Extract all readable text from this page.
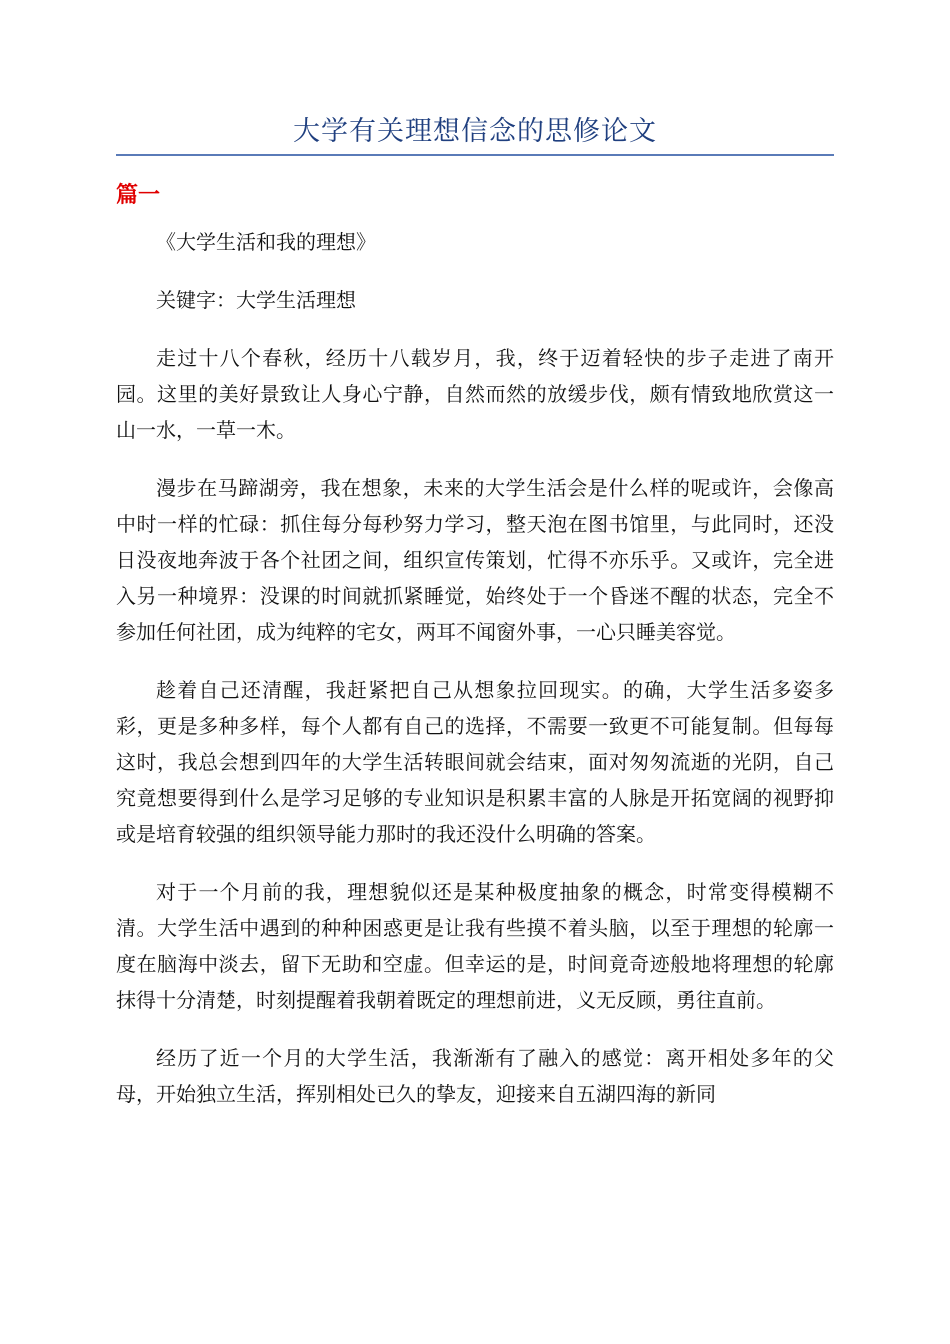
大学有关理想信念的思修论文
篇一

《大学生活和我的理想》

关键字：大学生活理想

走过十八个春秋，经历十八载岁月，我，终于迈着轻快的步子走进了南开园。这里的美好景致让人身心宁静，自然而然的放缓步伐，颇有情致地欣赏这一山一水，一草一木。

漫步在马蹄湖旁，我在想象，未来的大学生活会是什么样的呢或许，会像高中时一样的忙碌：抓住每分每秒努力学习，整天泡在图书馆里，与此同时，还没日没夜地奔波于各个社团之间，组织宣传策划，忙得不亦乐乎。又或许，完全进入另一种境界：没课的时间就抓紧睡觉，始终处于一个昏迷不醒的状态，完全不参加任何社团，成为纯粹的宅女，两耳不闻窗外事，一心只睡美容觉。

趁着自己还清醒，我赶紧把自己从想象拉回现实。的确，大学生活多姿多彩，更是多种多样，每个人都有自己的选择，不需要一致更不可能复制。但每每这时，我总会想到四年的大学生活转眼间就会结束，面对匆匆流逝的光阴，自己究竟想要得到什么是学习足够的专业知识是积累丰富的人脉是开拓宽阔的视野抑或是培育较强的组织领导能力那时的我还没什么明确的答案。

对于一个月前的我，理想貌似还是某种极度抽象的概念，时常变得模糊不清。大学生活中遇到的种种困惑更是让我有些摸不着头脑，以至于理想的轮廓一度在脑海中淡去，留下无助和空虚。但幸运的是，时间竟奇迹般地将理想的轮廓抹得十分清楚，时刻提醒着我朝着既定的理想前进，义无反顾，勇往直前。

经历了近一个月的大学生活，我渐渐有了融入的感觉：离开相处多年的父母，开始独立生活，挥别相处已久的挚友，迎接来自五湖四海的新同
